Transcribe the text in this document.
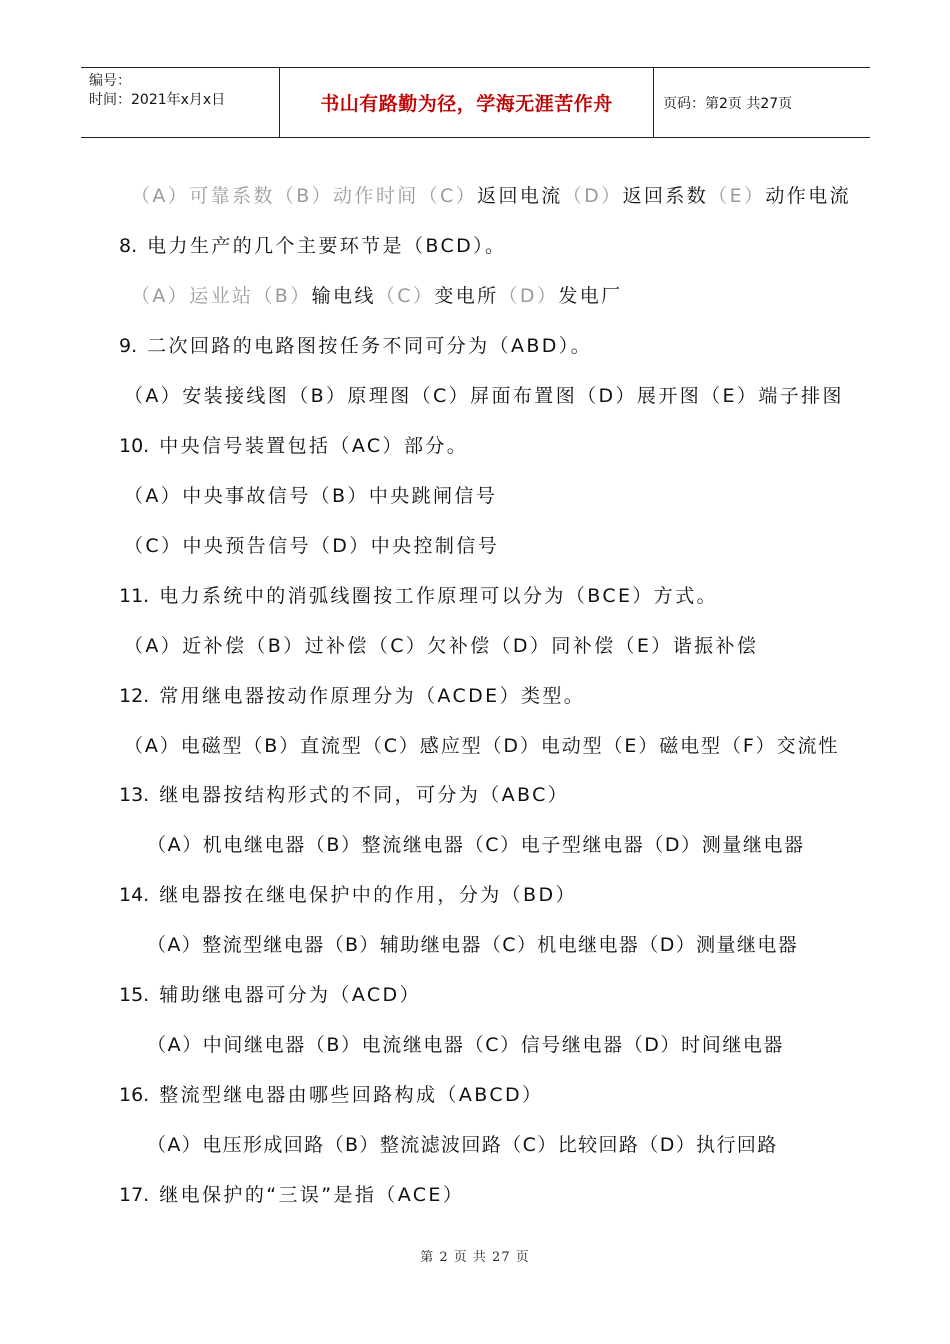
编号：
时间：2021年x月x日	书山有路勤为径，学海无涯苦作舟	页码：第2页 共27页
（A）可靠系数（B）动作时间（C）返回电流（D）返回系数（E）动作电流
8. 电力生产的几个主要环节是（BCD）。
（A）运业站（B）输电线（C）变电所（D）发电厂
9. 二次回路的电路图按任务不同可分为（ABD）。
（A）安装接线图（B）原理图（C）屏面布置图（D）展开图（E）端子排图
10. 中央信号装置包括（AC）部分。
（A）中央事故信号（B）中央跳闸信号
（C）中央预告信号（D）中央控制信号
11. 电力系统中的消弧线圈按工作原理可以分为（BCE）方式。
（A）近补偿（B）过补偿（C）欠补偿（D）同补偿（E）谐振补偿
12. 常用继电器按动作原理分为（ACDE）类型。
（A）电磁型（B）直流型（C）感应型（D）电动型（E）磁电型（F）交流性
13. 继电器按结构形式的不同，可分为（ABC）
（A）机电继电器（B）整流继电器（C）电子型继电器（D）测量继电器
14. 继电器按在继电保护中的作用，分为（BD）
（A）整流型继电器（B）辅助继电器（C）机电继电器（D）测量继电器
15. 辅助继电器可分为（ACD）
（A）中间继电器（B）电流继电器（C）信号继电器（D）时间继电器
16. 整流型继电器由哪些回路构成（ABCD）
（A）电压形成回路（B）整流滤波回路（C）比较回路（D）执行回路
17. 继电保护的“三误”是指（ACE）
第 2 页 共 27 页
